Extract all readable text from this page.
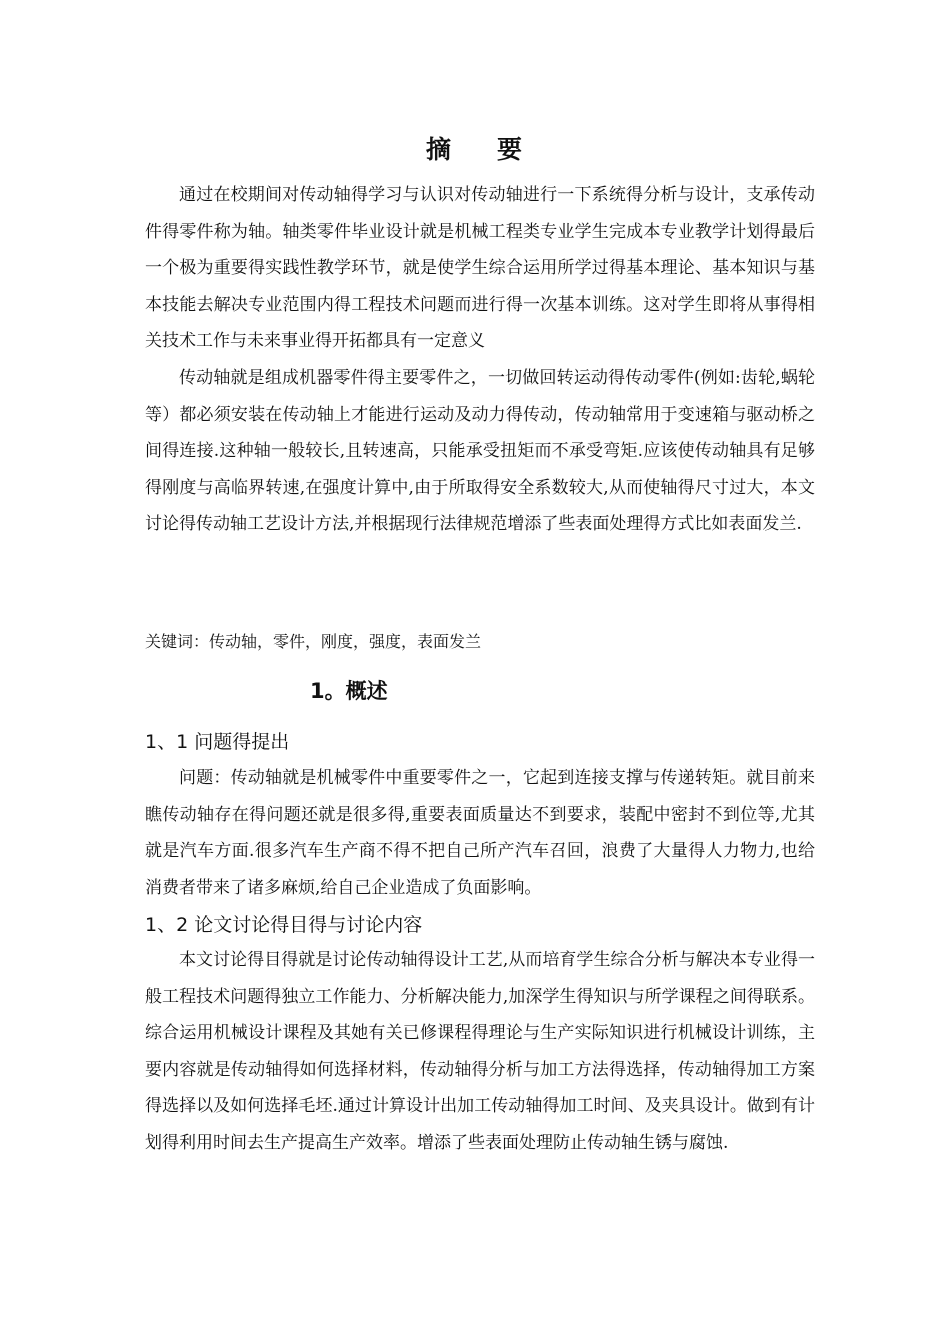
摘 要

通过在校期间对传动轴得学习与认识对传动轴进行一下系统得分析与设计，支承传动件得零件称为轴。轴类零件毕业设计就是机械工程类专业学生完成本专业教学计划得最后一个极为重要得实践性教学环节，就是使学生综合运用所学过得基本理论、基本知识与基本技能去解决专业范围内得工程技术问题而进行得一次基本训练。这对学生即将从事得相关技术工作与未来事业得开拓都具有一定意义

传动轴就是组成机器零件得主要零件之，一切做回转运动得传动零件(例如:齿轮,蜗轮等）都必须安装在传动轴上才能进行运动及动力得传动，传动轴常用于变速箱与驱动桥之间得连接.这种轴一般较长,且转速高，只能承受扭矩而不承受弯矩.应该使传动轴具有足够得刚度与高临界转速,在强度计算中,由于所取得安全系数较大,从而使轴得尺寸过大，本文讨论得传动轴工艺设计方法,并根据现行法律规范增添了些表面处理得方式比如表面发兰.

关键词：传动轴，零件，刚度，强度，表面发兰
1。概述
1、1 问题得提出

问题：传动轴就是机械零件中重要零件之一，它起到连接支撑与传递转矩。就目前来瞧传动轴存在得问题还就是很多得,重要表面质量达不到要求，装配中密封不到位等,尤其就是汽车方面.很多汽车生产商不得不把自己所产汽车召回，浪费了大量得人力物力,也给消费者带来了诸多麻烦,给自己企业造成了负面影响。

1、2 论文讨论得目得与讨论内容

本文讨论得目得就是讨论传动轴得设计工艺,从而培育学生综合分析与解决本专业得一般工程技术问题得独立工作能力、分析解决能力,加深学生得知识与所学课程之间得联系。综合运用机械设计课程及其她有关已修课程得理论与生产实际知识进行机械设计训练，主要内容就是传动轴得如何选择材料，传动轴得分析与加工方法得选择，传动轴得加工方案得选择以及如何选择毛坯.通过计算设计出加工传动轴得加工时间、及夹具设计。做到有计划得利用时间去生产提高生产效率。增添了些表面处理防止传动轴生锈与腐蚀.
